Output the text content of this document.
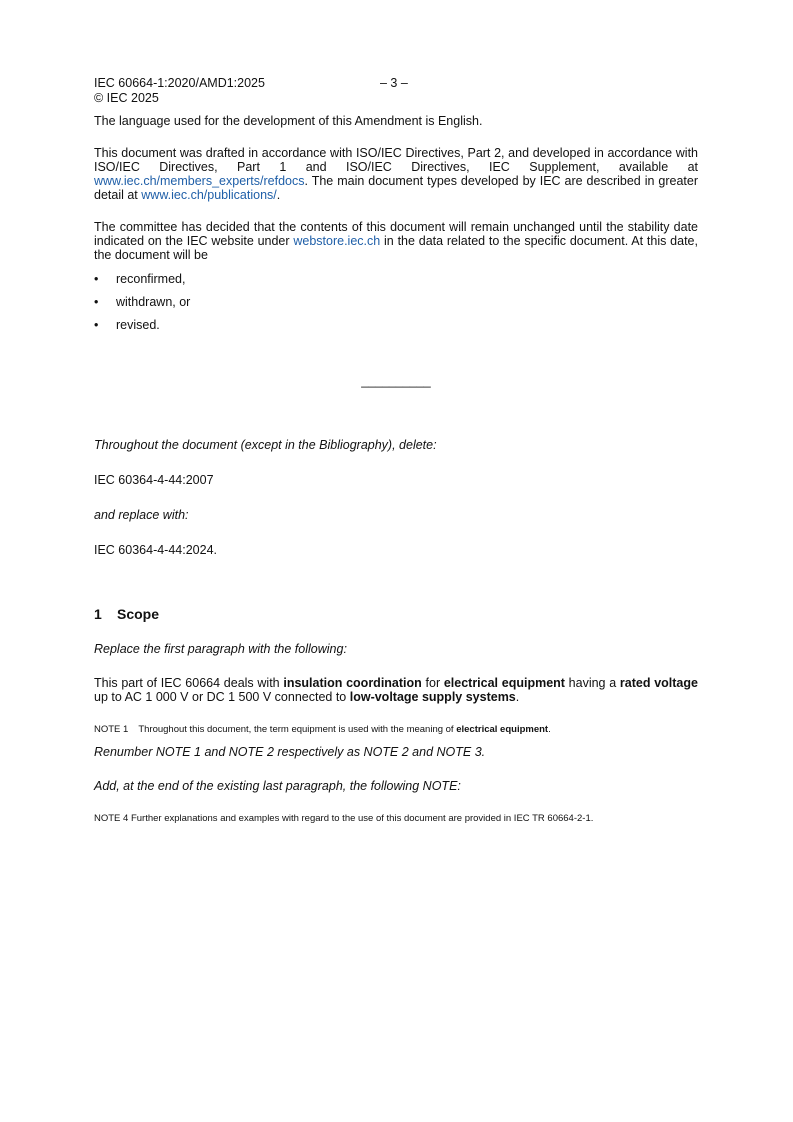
IEC 60664-1:2020/AMD1:2025
© IEC 2025
– 3 –

The language used for the development of this Amendment is English.

This document was drafted in accordance with ISO/IEC Directives, Part 2, and developed in accordance with ISO/IEC Directives, Part 1 and ISO/IEC Directives, IEC Supplement, available at www.iec.ch/members_experts/refdocs. The main document types developed by IEC are described in greater detail at www.iec.ch/publications/.

The committee has decided that the contents of this document will remain unchanged until the stability date indicated on the IEC website under webstore.iec.ch in the data related to the specific document. At this date, the document will be

• reconfirmed,
• withdrawn, or
• revised.

__________

Throughout the document (except in the Bibliography), delete:

IEC 60364-4-44:2007

and replace with:

IEC 60364-4-44:2024.

1 Scope

Replace the first paragraph with the following:

This part of IEC 60664 deals with insulation coordination for electrical equipment having a rated voltage up to AC 1 000 V or DC 1 500 V connected to low-voltage supply systems.

NOTE 1 Throughout this document, the term equipment is used with the meaning of electrical equipment.

Renumber NOTE 1 and NOTE 2 respectively as NOTE 2 and NOTE 3.

Add, at the end of the existing last paragraph, the following NOTE:

NOTE 4 Further explanations and examples with regard to the use of this document are provided in IEC TR 60664-2-1.
